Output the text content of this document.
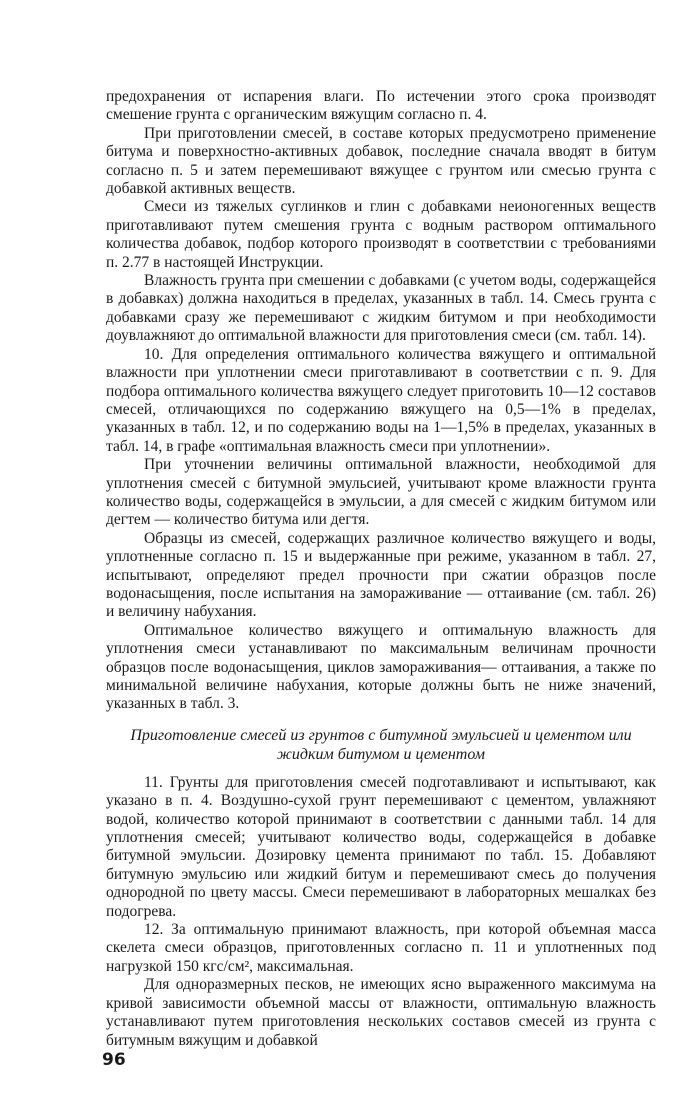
предохранения от испарения влаги. По истечении этого срока производят смешение грунта с органическим вяжущим согласно п. 4.

При приготовлении смесей, в составе которых предусмотрено применение битума и поверхностно-активных добавок, последние сначала вводят в битум согласно п. 5 и затем перемешивают вяжущее с грунтом или смесью грунта с добавкой активных веществ.

Смеси из тяжелых суглинков и глин с добавками неионогенных веществ приготавливают путем смешения грунта с водным раствором оптимального количества добавок, подбор которого производят в соответствии с требованиями п. 2.77 в настоящей Инструкции.

Влажность грунта при смешении с добавками (с учетом воды, содержащейся в добавках) должна находиться в пределах, указанных в табл. 14. Смесь грунта с добавками сразу же перемешивают с жидким битумом и при необходимости доувлажняют до оптимальной влажности для приготовления смеси (см. табл. 14).

10. Для определения оптимального количества вяжущего и оптимальной влажности при уплотнении смеси приготавливают в соответствии с п. 9. Для подбора оптимального количества вяжущего следует приготовить 10—12 составов смесей, отличающихся по содержанию вяжущего на 0,5—1% в пределах, указанных в табл. 12, и по содержанию воды на 1—1,5% в пределах, указанных в табл. 14, в графе «оптимальная влажность смеси при уплотнении».

При уточнении величины оптимальной влажности, необходимой для уплотнения смесей с битумной эмульсией, учитывают кроме влажности грунта количество воды, содержащейся в эмульсии, а для смесей с жидким битумом или дегтем — количество битума или дегтя.

Образцы из смесей, содержащих различное количество вяжущего и воды, уплотненные согласно п. 15 и выдержанные при режиме, указанном в табл. 27, испытывают, определяют предел прочности при сжатии образцов после водонасыщения, после испытания на замораживание — оттаивание (см. табл. 26) и величину набухания.

Оптимальное количество вяжущего и оптимальную влажность для уплотнения смеси устанавливают по максимальным величинам прочности образцов после водонасыщения, циклов замораживания— оттаивания, а также по минимальной величине набухания, которые должны быть не ниже значений, указанных в табл. 3.

Приготовление смесей из грунтов с битумной эмульсией и цементом или жидким битумом и цементом

11. Грунты для приготовления смесей подготавливают и испытывают, как указано в п. 4. Воздушно-сухой грунт перемешивают с цементом, увлажняют водой, количество которой принимают в соответствии с данными табл. 14 для уплотнения смесей; учитывают количество воды, содержащейся в добавке битумной эмульсии. Дозировку цемента принимают по табл. 15. Добавляют битумную эмульсию или жидкий битум и перемешивают смесь до получения однородной по цвету массы. Смеси перемешивают в лабораторных мешалках без подогрева.

12. За оптимальную принимают влажность, при которой объемная масса скелета смеси образцов, приготовленных согласно п. 11 и уплотненных под нагрузкой 150 кгс/см², максимальная.

Для одноразмерных песков, не имеющих ясно выраженного максимума на кривой зависимости объемной массы от влажности, оптимальную влажность устанавливают путем приготовления нескольких составов смесей из грунта с битумным вяжущим и добавкой

96
